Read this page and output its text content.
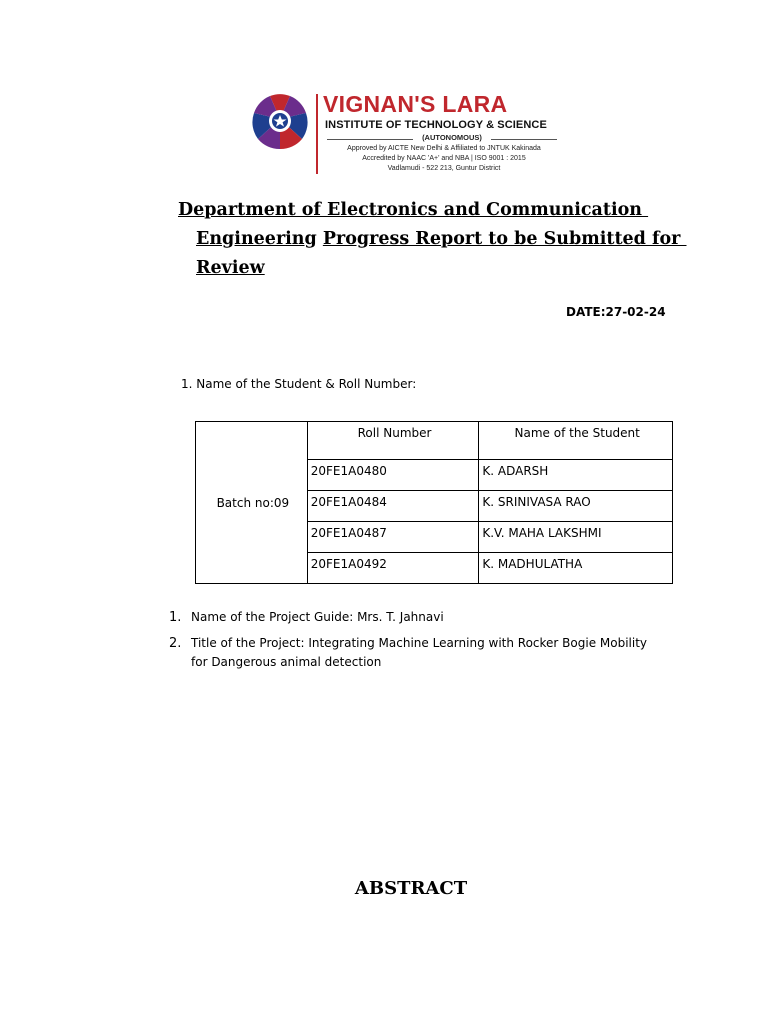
VIGNAN'S LARA
INSTITUTE OF TECHNOLOGY & SCIENCE
(AUTONOMOUS)
Approved by AICTE New Delhi & Affiliated to JNTUK Kakinada
Accredited by NAAC 'A+' and NBA | ISO 9001 : 2015
Vadlamudi - 522 213, Guntur District
Department of Electronics and Communication
Engineering Progress Report to be Submitted for
Review
DATE:27-02-24
1. Name of the Student & Roll Number:
Batch no:09	Roll Number	Name of the Student
	20FE1A0480	K. ADARSH
	20FE1A0484	K. SRINIVASA RAO
	20FE1A0487	K.V. MAHA LAKSHMI
	20FE1A0492	K. MADHULATHA
1. Name of the Project Guide: Mrs. T. Jahnavi
2. Title of the Project: Integrating Machine Learning with Rocker Bogie Mobility for Dangerous animal detection
ABSTRACT
